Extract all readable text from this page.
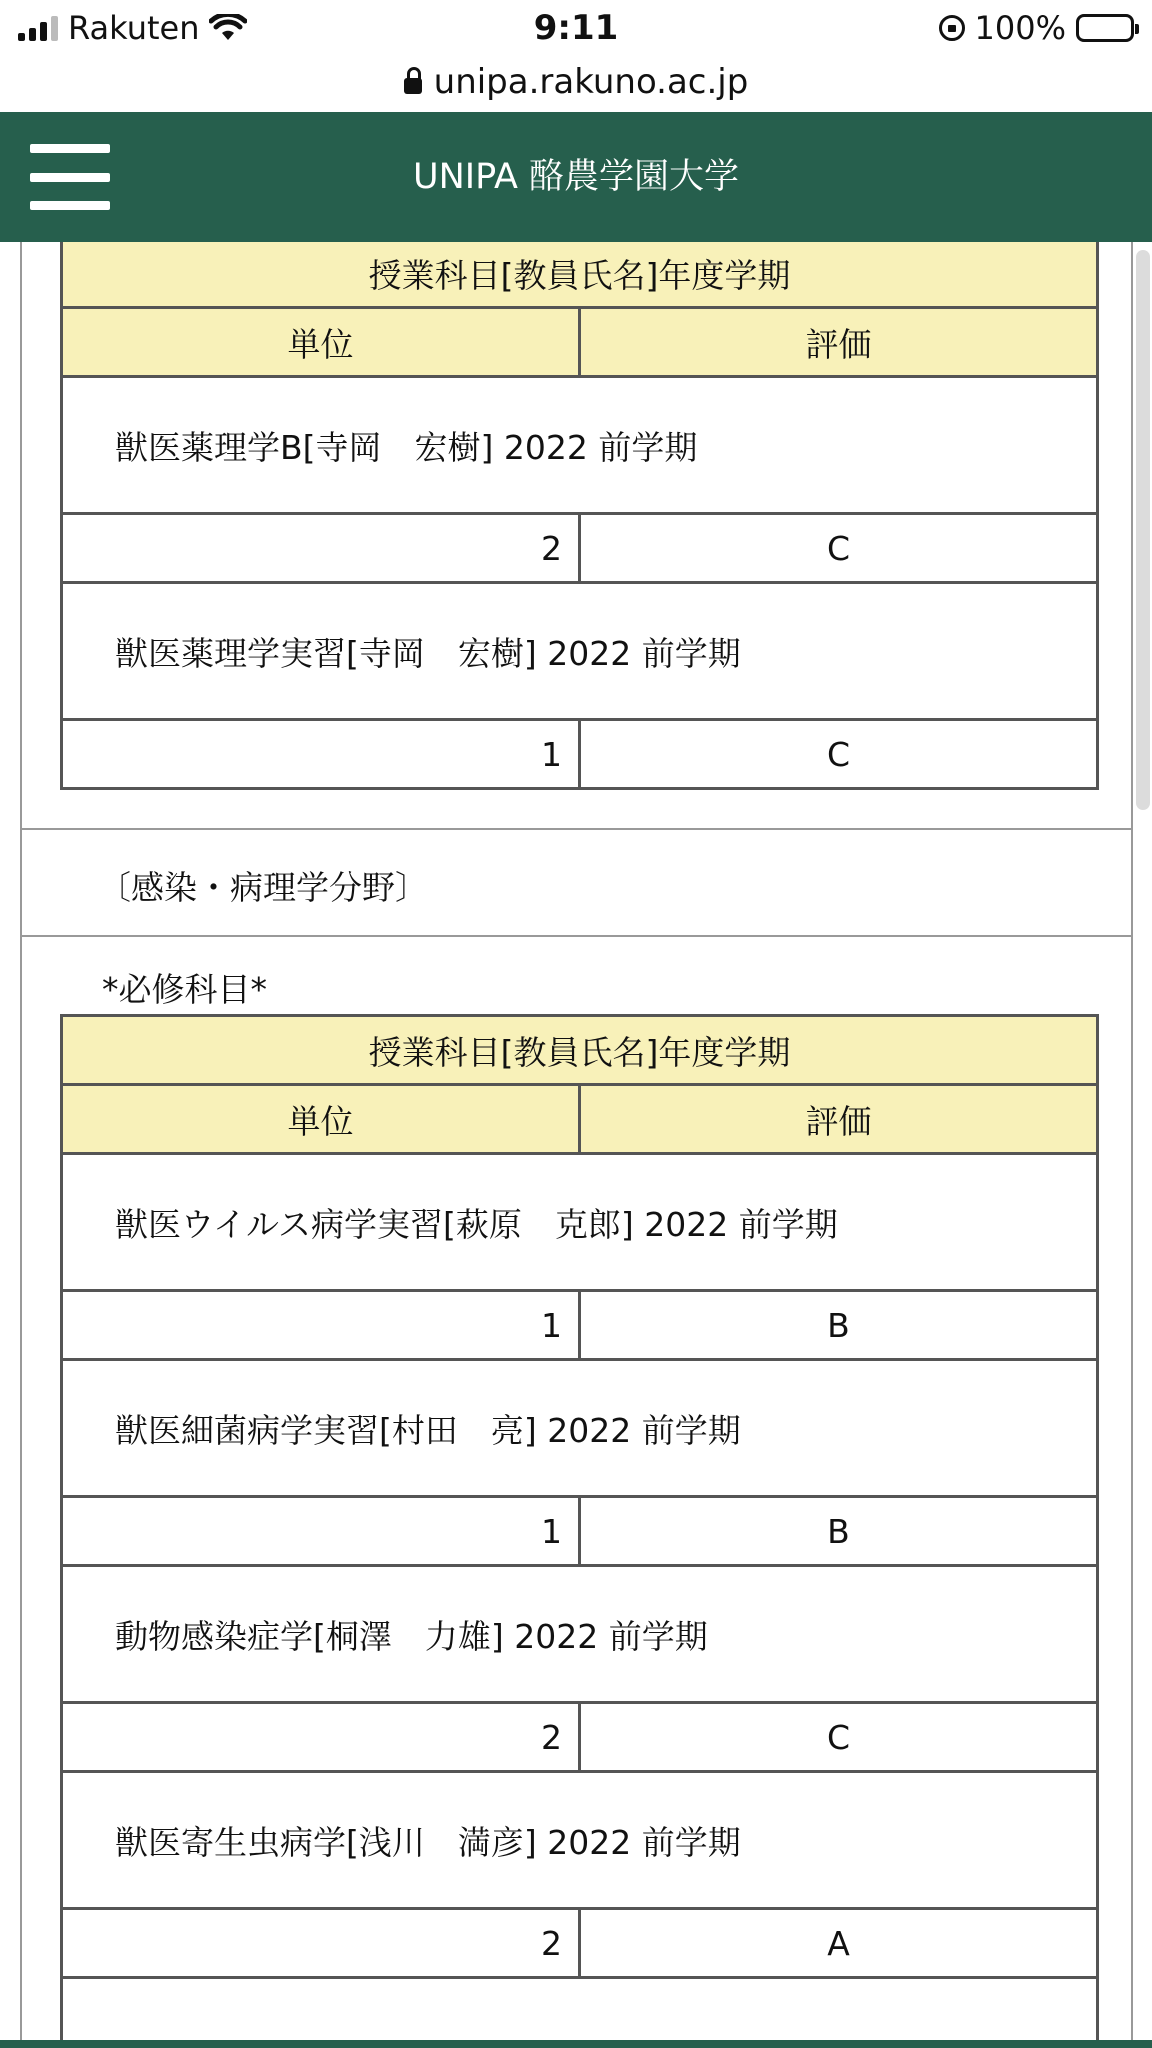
Rakuten	9:11	100%
unipa.rakuno.ac.jp
UNIPA 酪農学園大学
授業科目[教員氏名]年度学期	
単位	評価
獣医薬理学B[寺岡　宏樹] 2022 前学期	
2	C
獣医薬理学実習[寺岡　宏樹] 2022 前学期	
1	C
〔感染・病理学分野〕
*必修科目*
授業科目[教員氏名]年度学期	
単位	評価
獣医ウイルス病学実習[萩原　克郎] 2022 前学期	
1	B
獣医細菌病学実習[村田　亮] 2022 前学期	
1	B
動物感染症学[桐澤　力雄] 2022 前学期	
2	C
獣医寄生虫病学[浅川　満彦] 2022 前学期	
2	A
